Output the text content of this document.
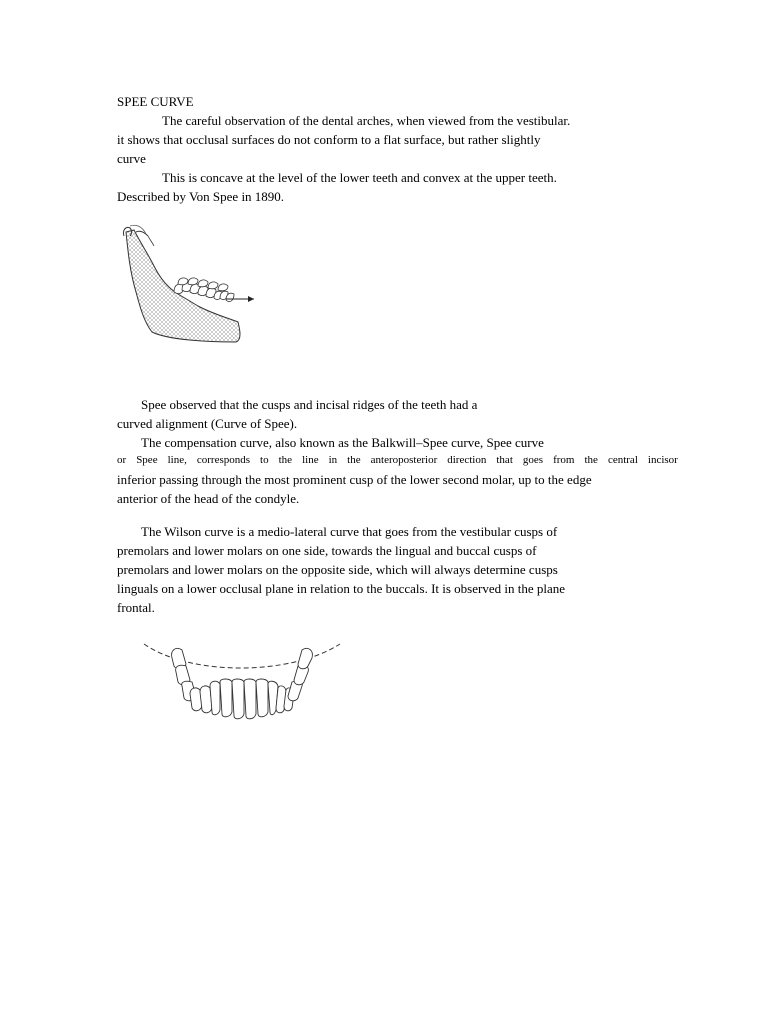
SPEE CURVE
The careful observation of the dental arches, when viewed from the vestibular.
it shows that occlusal surfaces do not conform to a flat surface, but rather slightly
curve
This is concave at the level of the lower teeth and convex at the upper teeth.
Described by Von Spee in 1890.
Spee observed that the cusps and incisal ridges of the teeth had a
curved alignment (Curve of Spee).
The compensation curve, also known as the Balkwill–Spee curve, Spee curve
or Spee line, corresponds to the line in the anteroposterior direction that goes from the central incisor
inferior passing through the most prominent cusp of the lower second molar, up to the edge
anterior of the head of the condyle.
The Wilson curve is a medio-lateral curve that goes from the vestibular cusps of
premolars and lower molars on one side, towards the lingual and buccal cusps of
premolars and lower molars on the opposite side, which will always determine cusps
linguals on a lower occlusal plane in relation to the buccals. It is observed in the plane
frontal.
